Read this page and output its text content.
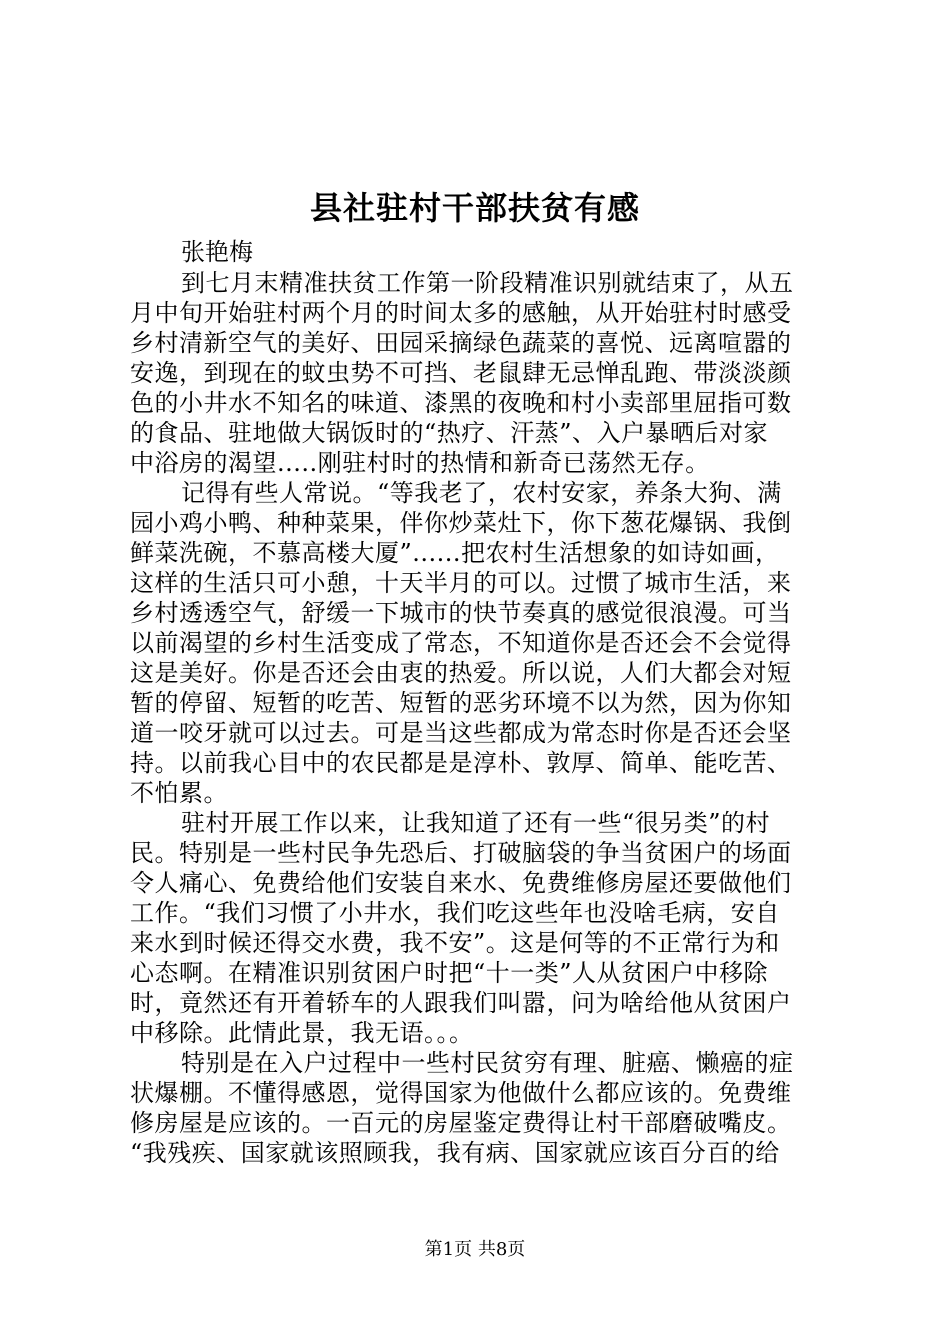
县社驻村干部扶贫有感
张艳梅
到七月末精准扶贫工作第一阶段精准识别就结束了，从五
月中旬开始驻村两个月的时间太多的感触，从开始驻村时感受
乡村清新空气的美好、田园采摘绿色蔬菜的喜悦、远离喧嚣的
安逸，到现在的蚊虫势不可挡、老鼠肆无忌惮乱跑、带淡淡颜
色的小井水不知名的味道、漆黑的夜晚和村小卖部里屈指可数
的食品、驻地做大锅饭时的“热疗、汗蒸”、入户暴晒后对家
中浴房的渴望.....刚驻村时的热情和新奇已荡然无存。
记得有些人常说。“等我老了，农村安家，养条大狗、满
园小鸡小鸭、种种菜果，伴你炒菜灶下，你下葱花爆锅、我倒
鲜菜洗碗，不慕高楼大厦”......把农村生活想象的如诗如画，
这样的生活只可小憩，十天半月的可以。过惯了城市生活，来
乡村透透空气，舒缓一下城市的快节奏真的感觉很浪漫。可当
以前渴望的乡村生活变成了常态，不知道你是否还会不会觉得
这是美好。你是否还会由衷的热爱。所以说，人们大都会对短
暂的停留、短暂的吃苦、短暂的恶劣环境不以为然，因为你知
道一咬牙就可以过去。可是当这些都成为常态时你是否还会坚
持。以前我心目中的农民都是是淳朴、敦厚、简单、能吃苦、
不怕累。
驻村开展工作以来，让我知道了还有一些“很另类”的村
民。特别是一些村民争先恐后、打破脑袋的争当贫困户的场面
令人痛心、免费给他们安装自来水、免费维修房屋还要做他们
工作。“我们习惯了小井水，我们吃这些年也没啥毛病，安自
来水到时候还得交水费，我不安”。这是何等的不正常行为和
心态啊。在精准识别贫困户时把“十一类”人从贫困户中移除
时，竟然还有开着轿车的人跟我们叫嚣，问为啥给他从贫困户
中移除。此情此景，我无语。。。
特别是在入户过程中一些村民贫穷有理、脏癌、懒癌的症
状爆棚。不懂得感恩，觉得国家为他做什么都应该的。免费维
修房屋是应该的。一百元的房屋鉴定费得让村干部磨破嘴皮。
“我残疾、国家就该照顾我，我有病、国家就应该百分百的给
第1页 共8页
